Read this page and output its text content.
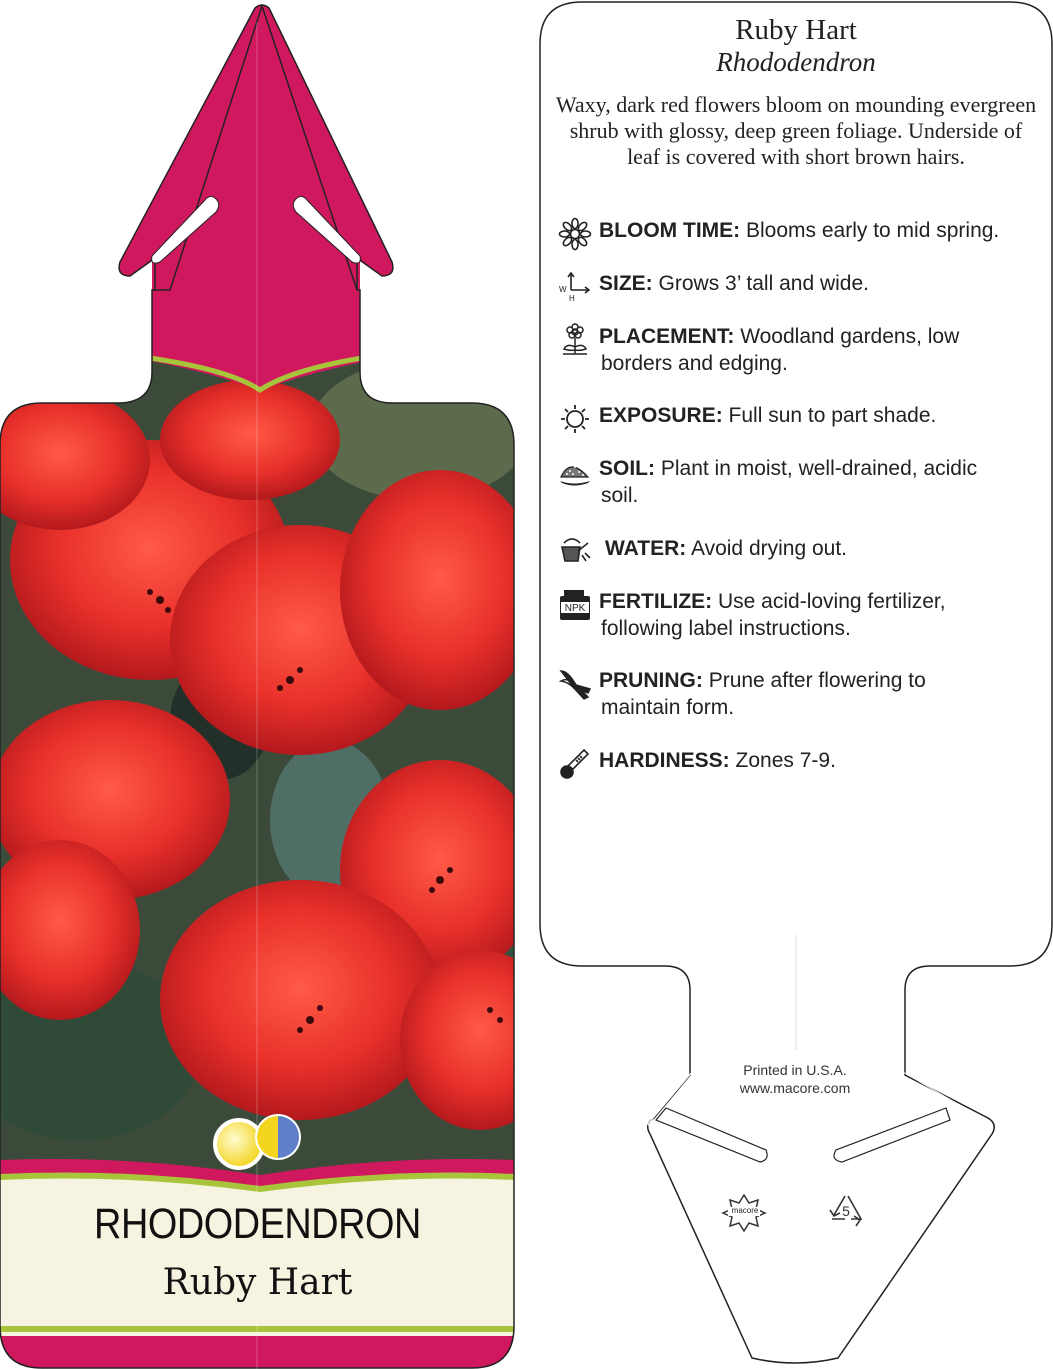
RHODODENDRON
Ruby Hart
Ruby Hart
Rhododendron
Waxy, dark red flowers bloom on mounding evergreen shrub with glossy, deep green foliage. Underside of leaf is covered with short brown hairs.
BLOOM TIME: Blooms early to mid spring.
W
H
SIZE: Grows 3’ tall and wide.
PLACEMENT: Woodland gardens, low
borders and edging.
EXPOSURE: Full sun to part shade.
SOIL: Plant in moist, well-drained, acidic
soil.
WATER: Avoid drying out.
NPK FERTILIZE: Use acid-loving fertilizer,
following label instructions.
PRUNING: Prune after flowering to
maintain form.
HARDINESS: Zones 7-9.
Printed in U.S.A.
www.macore.com
macore	5
